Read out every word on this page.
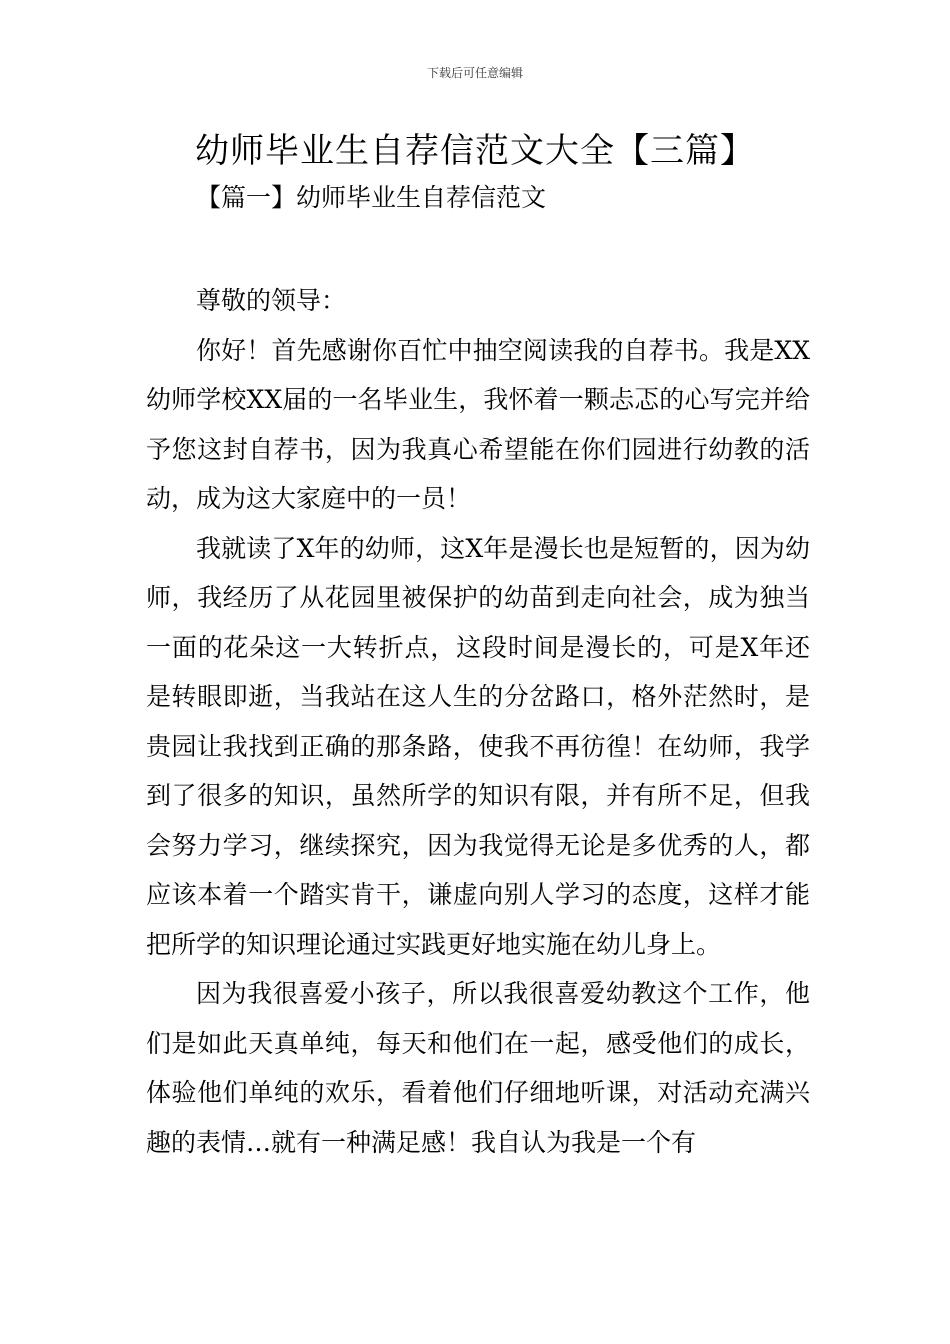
下载后可任意编辑
幼师毕业生自荐信范文大全【三篇】
【篇一】幼师毕业生自荐信范文

尊敬的领导：

你好！首先感谢你百忙中抽空阅读我的自荐书。我是XX幼师学校XX届的一名毕业生，我怀着一颗忐忑的心写完并给予您这封自荐书，因为我真心希望能在你们园进行幼教的活动，成为这大家庭中的一员！

我就读了X年的幼师，这X年是漫长也是短暂的，因为幼师，我经历了从花园里被保护的幼苗到走向社会，成为独当一面的花朵这一大转折点，这段时间是漫长的，可是X年还是转眼即逝，当我站在这人生的分岔路口，格外茫然时，是贵园让我找到正确的那条路，使我不再彷徨！在幼师，我学到了很多的知识，虽然所学的知识有限，并有所不足，但我会努力学习，继续探究，因为我觉得无论是多优秀的人，都应该本着一个踏实肯干，谦虚向别人学习的态度，这样才能把所学的知识理论通过实践更好地实施在幼儿身上。

因为我很喜爱小孩子，所以我很喜爱幼教这个工作，他们是如此天真单纯，每天和他们在一起，感受他们的成长，体验他们单纯的欢乐，看着他们仔细地听课，对活动充满兴趣的表情…就有一种满足感！我自认为我是一个有
